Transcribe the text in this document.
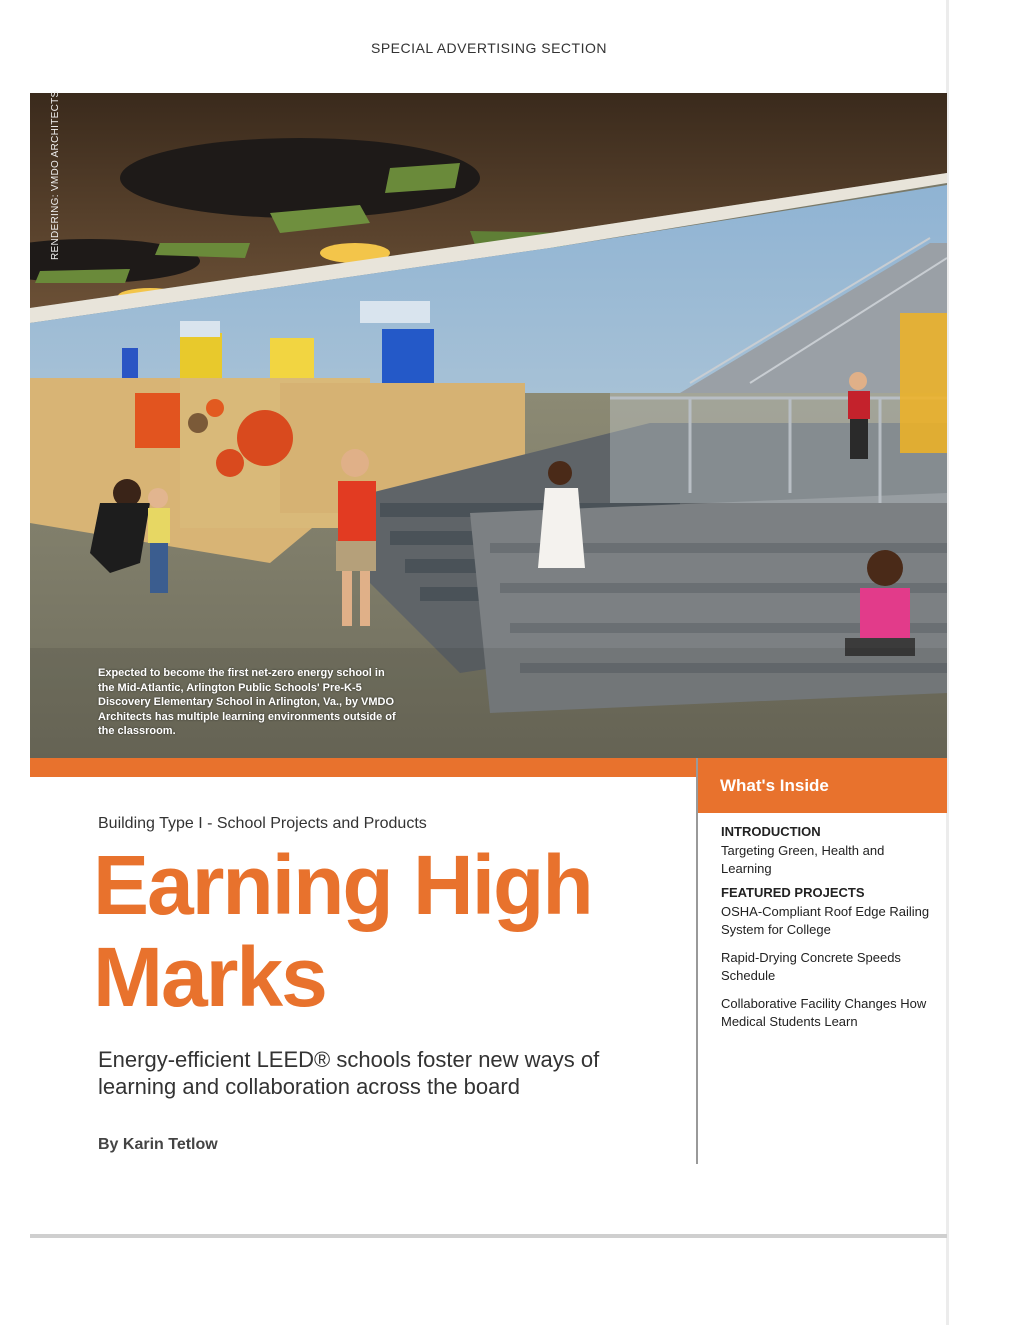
SPECIAL ADVERTISING SECTION
RENDERING: VMDO ARCHITECTS
Expected to become the first net-zero energy school in the Mid-Atlantic, Arlington Public Schools' Pre-K-5 Discovery Elementary School in Arlington, Va., by VMDO Architects has multiple learning environments outside of the classroom.
What's Inside
Building Type I - School Projects and Products
Earning High
Marks
Energy-efficient LEED® schools foster new ways of learning and collaboration across the board
By Karin Tetlow
INTRODUCTION
Targeting Green, Health and Learning
FEATURED PROJECTS
OSHA-Compliant Roof Edge Railing System for College
Rapid-Drying Concrete Speeds Schedule
Collaborative Facility Changes How Medical Students Learn
